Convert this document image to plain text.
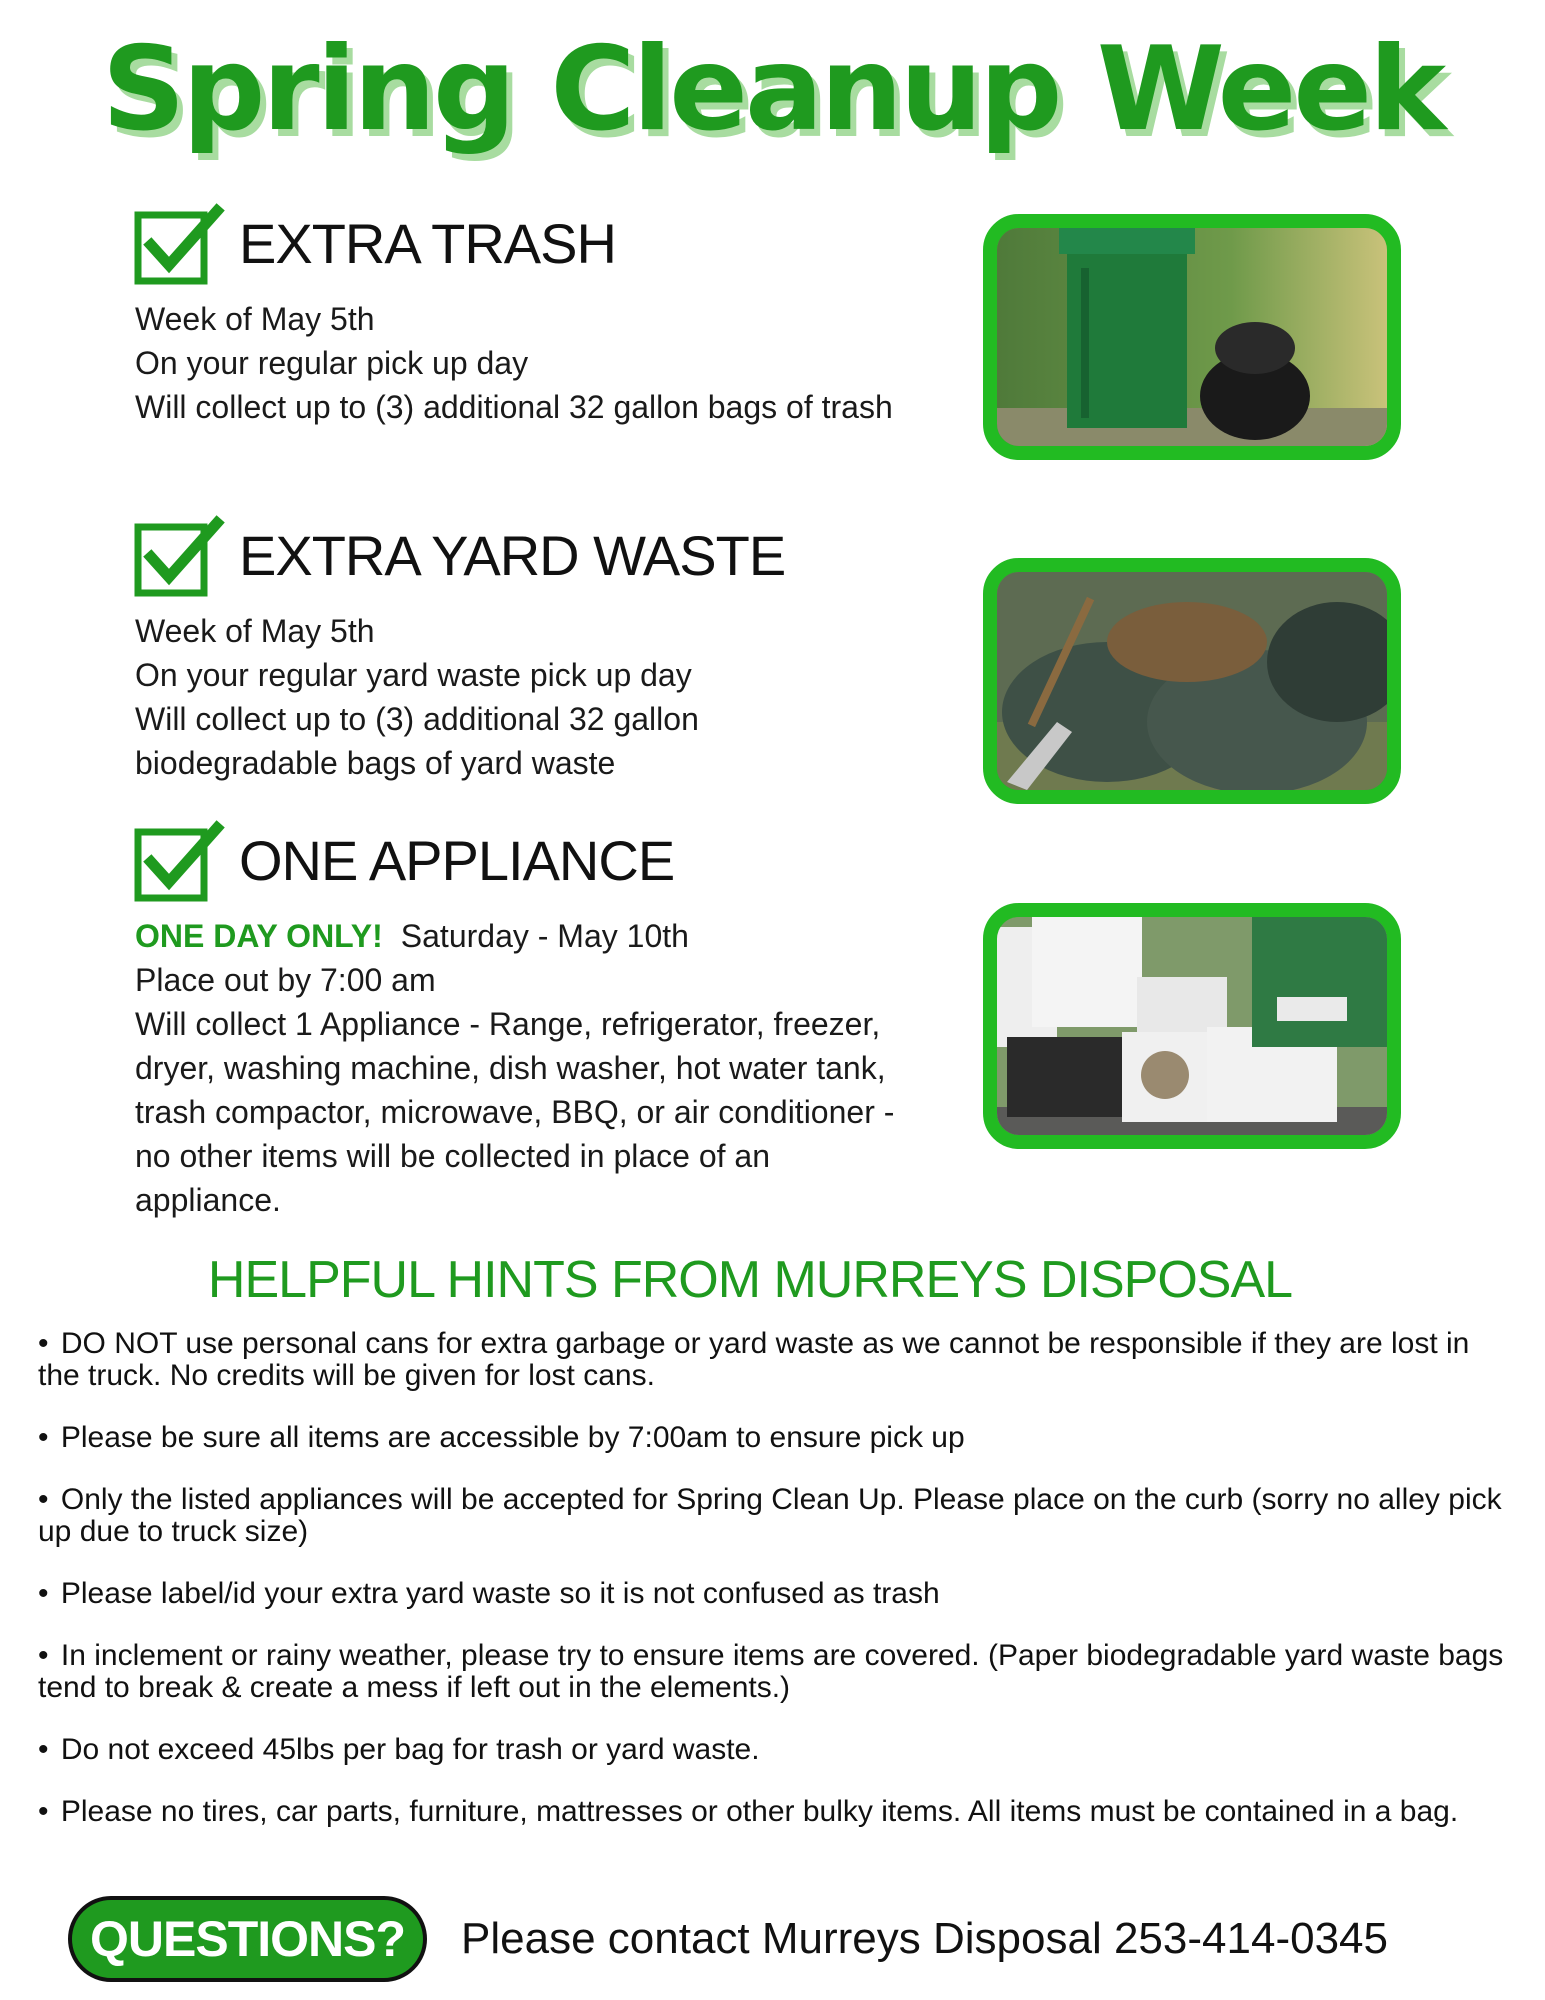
Spring Cleanup Week
EXTRA TRASH
Week of May 5th
On your regular pick up day
Will collect up to (3) additional 32 gallon bags of trash
EXTRA YARD WASTE
Week of May 5th
On your regular yard waste pick up day
Will collect up to (3) additional 32 gallon biodegradable bags of yard waste
ONE APPLIANCE
ONE DAY ONLY! Saturday - May 10th
Place out by 7:00 am
Will collect 1 Appliance - Range, refrigerator, freezer, dryer, washing machine, dish washer, hot water tank, trash compactor, microwave, BBQ, or air conditioner - no other items will be collected in place of an appliance.
HELPFUL HINTS FROM MURREYS DISPOSAL
• DO NOT use personal cans for extra garbage or yard waste as we cannot be responsible if they are lost in the truck. No credits will be given for lost cans.
• Please be sure all items are accessible by 7:00am to ensure pick up
• Only the listed appliances will be accepted for Spring Clean Up. Please place on the curb (sorry no alley pick up due to truck size)
• Please label/id your extra yard waste so it is not confused as trash
• In inclement or rainy weather, please try to ensure items are covered. (Paper biodegradable yard waste bags tend to break & create a mess if left out in the elements.)
• Do not exceed 45lbs per bag for trash or yard waste.
• Please no tires, car parts, furniture, mattresses or other bulky items. All items must be contained in a bag.
QUESTIONS?	Please contact Murreys Disposal 253-414-0345
